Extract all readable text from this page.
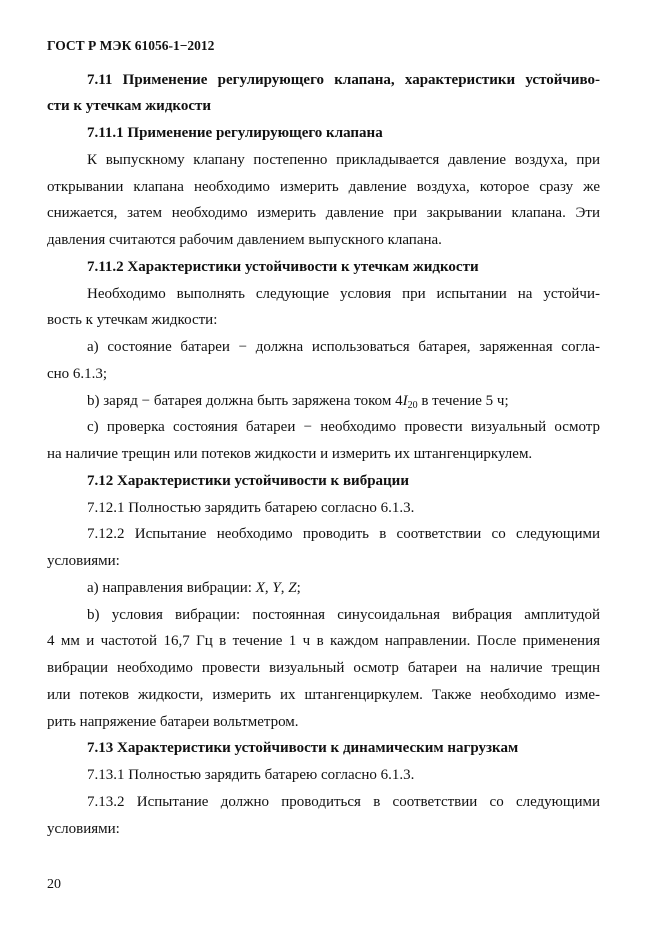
ГОСТ Р МЭК 61056-1−2012
7.11 Применение регулирующего клапана, характеристики устойчиво-
сти к утечкам жидкости
7.11.1 Применение регулирующего клапана
К выпускному клапану постепенно прикладывается давление воздуха, при
открывании клапана необходимо измерить давление воздуха, которое сразу же
снижается, затем необходимо измерить давление при закрывании клапана. Эти
давления считаются рабочим давлением выпускного клапана.
7.11.2 Характеристики устойчивости к утечкам жидкости
Необходимо выполнять следующие условия при испытании на устойчи-
вость к утечкам жидкости:
а) состояние батареи − должна использоваться батарея, заряженная согла-
сно 6.1.3;
b) заряд − батарея должна быть заряжена током $4I_{20}$ в течение 5 ч;
с) проверка состояния батареи − необходимо провести визуальный осмотр
на наличие трещин или потеков жидкости и измерить их штангенциркулем.
7.12 Характеристики устойчивости к вибрации
7.12.1 Полностью зарядить батарею согласно 6.1.3.
7.12.2 Испытание необходимо проводить в соответствии со следующими
условиями:
а) направления вибрации: X, Y, Z;
b) условия вибрации: постоянная синусоидальная вибрация амплитудой
4 мм и частотой 16,7 Гц в течение 1 ч в каждом направлении. После применения
вибрации необходимо провести визуальный осмотр батареи на наличие трещин
или потеков жидкости, измерить их штангенциркулем. Также необходимо изме-
рить напряжение батареи вольтметром.
7.13 Характеристики устойчивости к динамическим нагрузкам
7.13.1 Полностью зарядить батарею согласно 6.1.3.
7.13.2 Испытание должно проводиться в соответствии со следующими
условиями:
20
